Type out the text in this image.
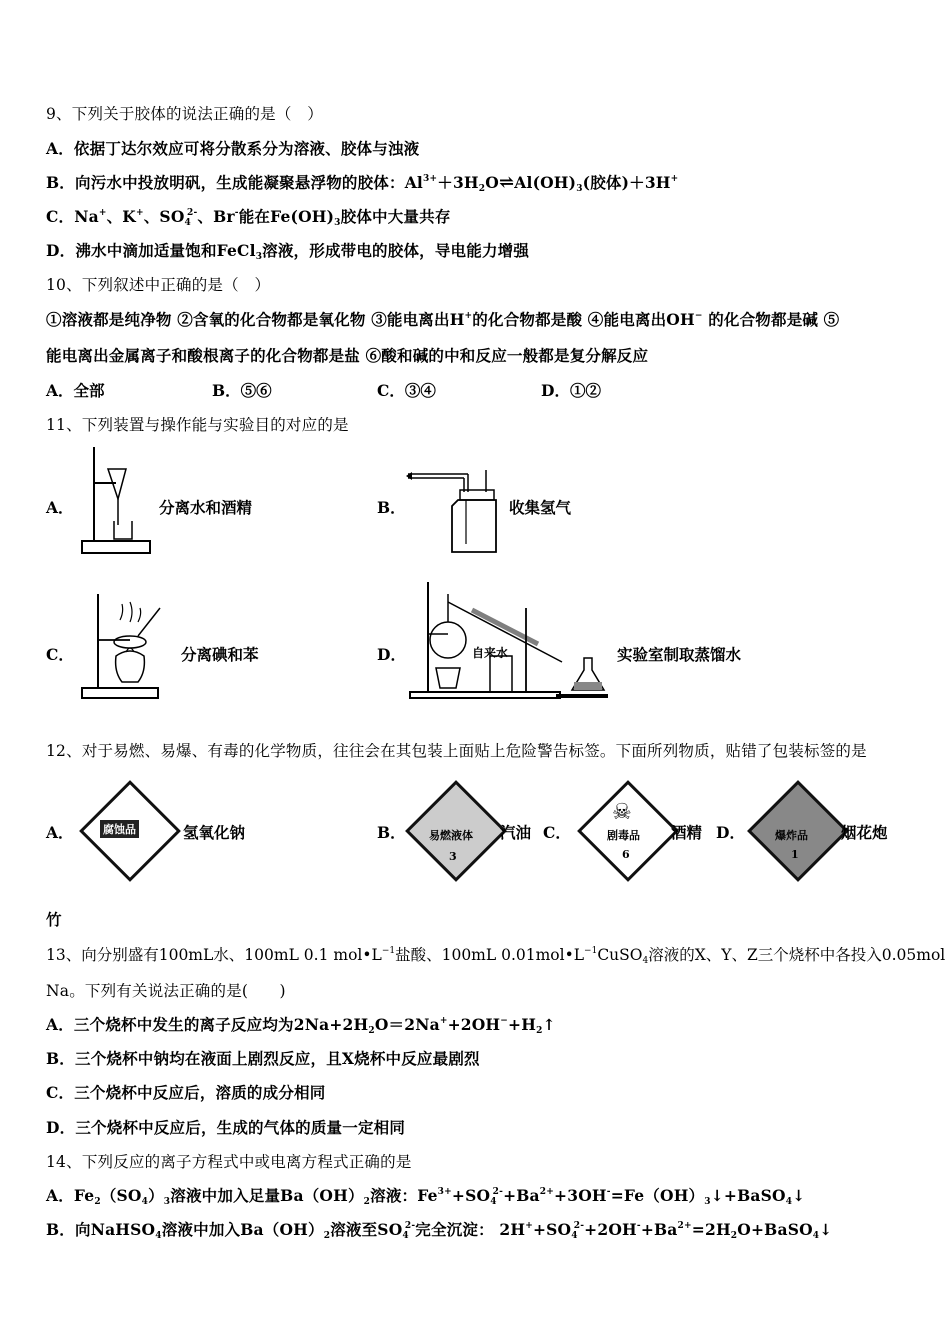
9、下列关于胶体的说法正确的是（　）
A．依据丁达尔效应可将分散系分为溶液、胶体与浊液
B．向污水中投放明矾，生成能凝聚悬浮物的胶体：$Al^{3+}+3H_2O\rightleftharpoons Al(OH)_3$(胶体)＋3H+
C．Na+、K+、$SO_4^{2-}$、Br-能在$Fe(OH)_3$胶体中大量共存
D．沸水中滴加适量饱和FeCl$_3$溶液，形成带电的胶体，导电能力增强
10、下列叙述中正确的是（　）
①溶液都是纯净物 ②含氧的化合物都是氧化物 ③能电离出H+的化合物都是酸 ④能电离出OH− 的化合物都是碱 ⑤
能电离出金属离子和酸根离子的化合物都是盐 ⑥酸和碱的中和反应一般都是复分解反应
A．全部	B．⑤⑥	C．③④	D．①②
11、下列装置与操作能与实验目的对应的是
A．	分离水和酒精	B．	收集氢气
C．	分离碘和苯	D．	自来水	实验室制取蒸馏水
12、对于易燃、易爆、有毒的化学物质，往往会在其包装上面贴上危险警告标签。下面所列物质，贴错了包装标签的是
A．	腐蚀品	氢氧化钠	B． 易燃液体
3
汽油 C．
☠
剧毒品
6
酒精 D．	爆炸品
1
烟花炮
竹
13、向分别盛有100mL水、100mL 0.1 $mol•L^{-1}$盐酸、100mL $0.01mol•L^{-1}CuSO_4$溶液的X、Y、Z三个烧杯中各投入0.05mol
Na。下列有关说法正确的是(　　)
A．三个烧杯中发生的离子反应均为$2Na+2H_2O=2Na^++2OH^-+H_2↑$
B．三个烧杯中钠均在液面上剧烈反应，且X烧杯中反应最剧烈
C．三个烧杯中反应后，溶质的成分相同
D．三个烧杯中反应后，生成的气体的质量一定相同
14、下列反应的离子方程式中或电离方程式正确的是
A．$Fe_2(SO_4)_3$溶液中加入足量$Ba(OH)_2$溶液：$Fe^{3+}+SO_4^{2-}+Ba^{2+}+3OH^-=Fe(OH)_3↓+BaSO_4↓$
B．向NaHSO$_4$溶液中加入$Ba(OH)_2$溶液至$SO_4^{2-}$完全沉淀： $2H^++SO_4^{2-}+2OH^-+Ba^{2+}=2H_2O+BaSO_4↓$
